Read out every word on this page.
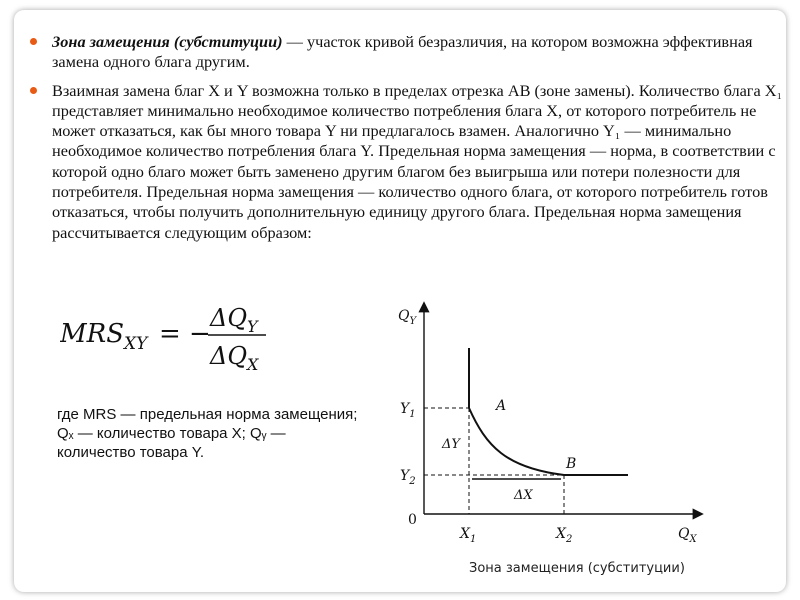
Зона замещения (субституции) — участок кривой безразличия, на котором возможна эффективная замена одного блага другим.
Взаимная замена благ X и Y возможна только в пределах отрезка АВ (зоне замены). Количество блага X₁ представляет минимально необходимое количество потребления блага X, от которого потребитель не может отказаться, как бы много товара Y ни предлагалось взамен. Аналогично Y₁ — минимально необходимое количество потребления блага Y. Предельная норма замещения — норма, в соответствии с которой одно благо может быть заменено другим благом без выигрыша или потери полезности для потребителя. Предельная норма замещения — количество одного блага, от которого потребитель готов отказаться, чтобы получить дополнительную единицу другого блага. Предельная норма замещения рассчитывается следующим образом:
$MRS_{XY}$ = −
$\Delta Q_Y$
$\Delta Q_X$
где MRS — предельная норма замещения; Qₓ — количество товара X; Qᵧ — количество товара Y.
$Q_Y$
$Y_1$
$Y_2$
0
$X_1$	$X_2$	$Q_X$
A
B
ΔY
ΔX
Зона замещения (субституции)
